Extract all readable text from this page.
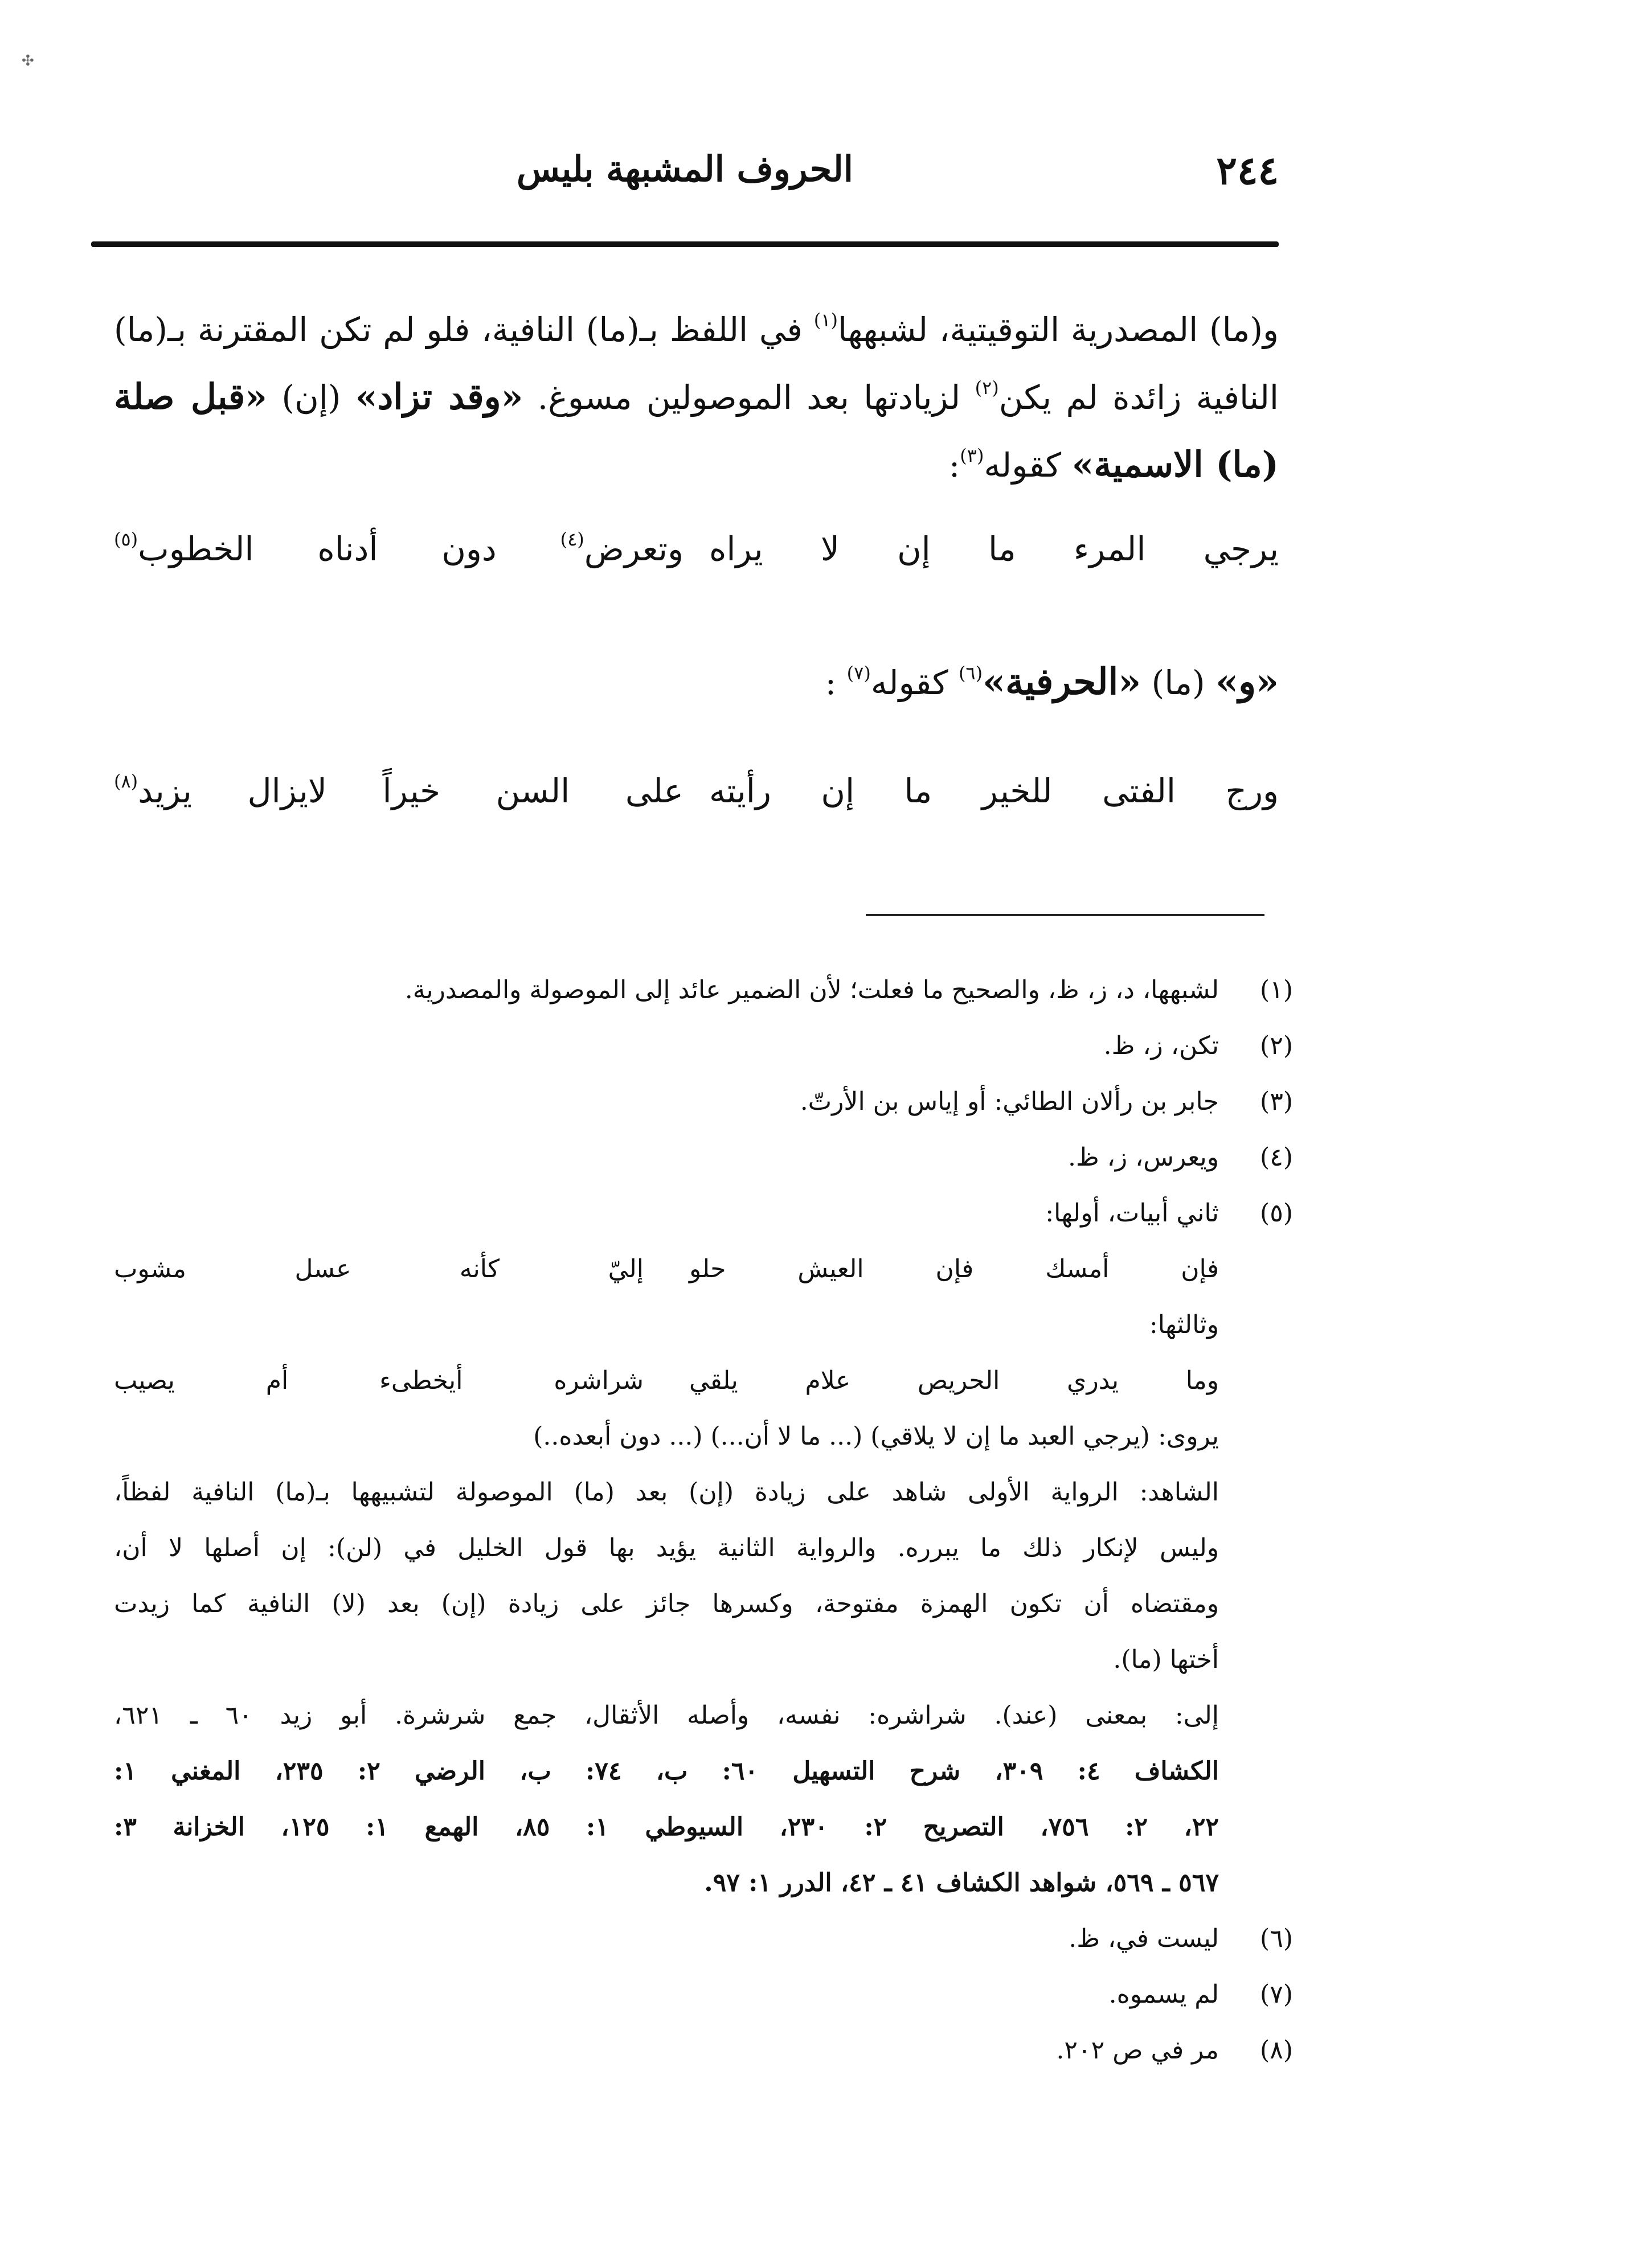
✣
الحروف المشبهة بليس	٢٤٤

و(ما) المصدرية التوقيتية، لشبهها$^{(١)}$ في اللفظ بـ(ما) النافية، فلو لم تكن المقترنة بـ(ما) النافية زائدة لم يكن$^{(٢)}$ لزيادتها بعد الموصولين مسوغ. «وقد تزاد» (إن) «قبل صلة (ما) الاسمية» كقوله$^{(٣)}$:

يرجي المرء ما إن لا يراه
وتعرض$^{(٤)}$ دون أدناه الخطوب$^{(٥)}$
«و» (ما) «الحرفية»$^{(٦)}$ كقوله$^{(٧)}$ :
ورج الفتى للخير ما إن رأيته
على السن خيراً لايزال يزيد$^{(٨)}$
(١)
لشبهها، د، ز، ظ، والصحيح ما فعلت؛ لأن الضمير عائد إلى الموصولة والمصدرية.
(٢)
تكن، ز، ظ.
(٣)
جابر بن رألان الطائي: أو إياس بن الأرتّ.
(٤)
ويعرس، ز، ظ.
(٥)
ثاني أبيات، أولها:
فإن أمسك فإن العيش حلو
إليّ كأنه عسل مشوب
وثالثها:
وما يدري الحريص علام يلقي
شراشره أيخطىء أم يصيب
يروى: (يرجي العبد ما إن لا يلاقي) (... ما لا أن...) (... دون أبعده..)
الشاهد: الرواية الأولى شاهد على زيادة (إن) بعد (ما) الموصولة لتشبيهها بـ(ما) النافية لفظاً،
وليس لإنكار ذلك ما يبرره. والرواية الثانية يؤيد بها قول الخليل في (لن): إن أصلها لا أن،
ومقتضاه أن تكون الهمزة مفتوحة، وكسرها جائز على زيادة (إن) بعد (لا) النافية كما زيدت
أختها (ما).
إلى: بمعنى (عند). شراشره: نفسه، وأصله الأثقال، جمع شرشرة. أبو زيد ٦٠ ـ ٦٢١،
الكشاف ٤: ٣٠٩، شرح التسهيل ٦٠: ب، ٧٤: ب، الرضي ٢: ٢٣٥، المغني ١:
٢٢، ٢: ٧٥٦، التصريح ٢: ٢٣٠، السيوطي ١: ٨٥، الهمع ١: ١٢٥، الخزانة ٣:
٥٦٧ ـ ٥٦٩، شواهد الكشاف ٤١ ـ ٤٢، الدرر ١: ٩٧.
(٦)
ليست في، ظ.
(٧)
لم يسموه.
(٨)
مر في ص ٢٠٢.
